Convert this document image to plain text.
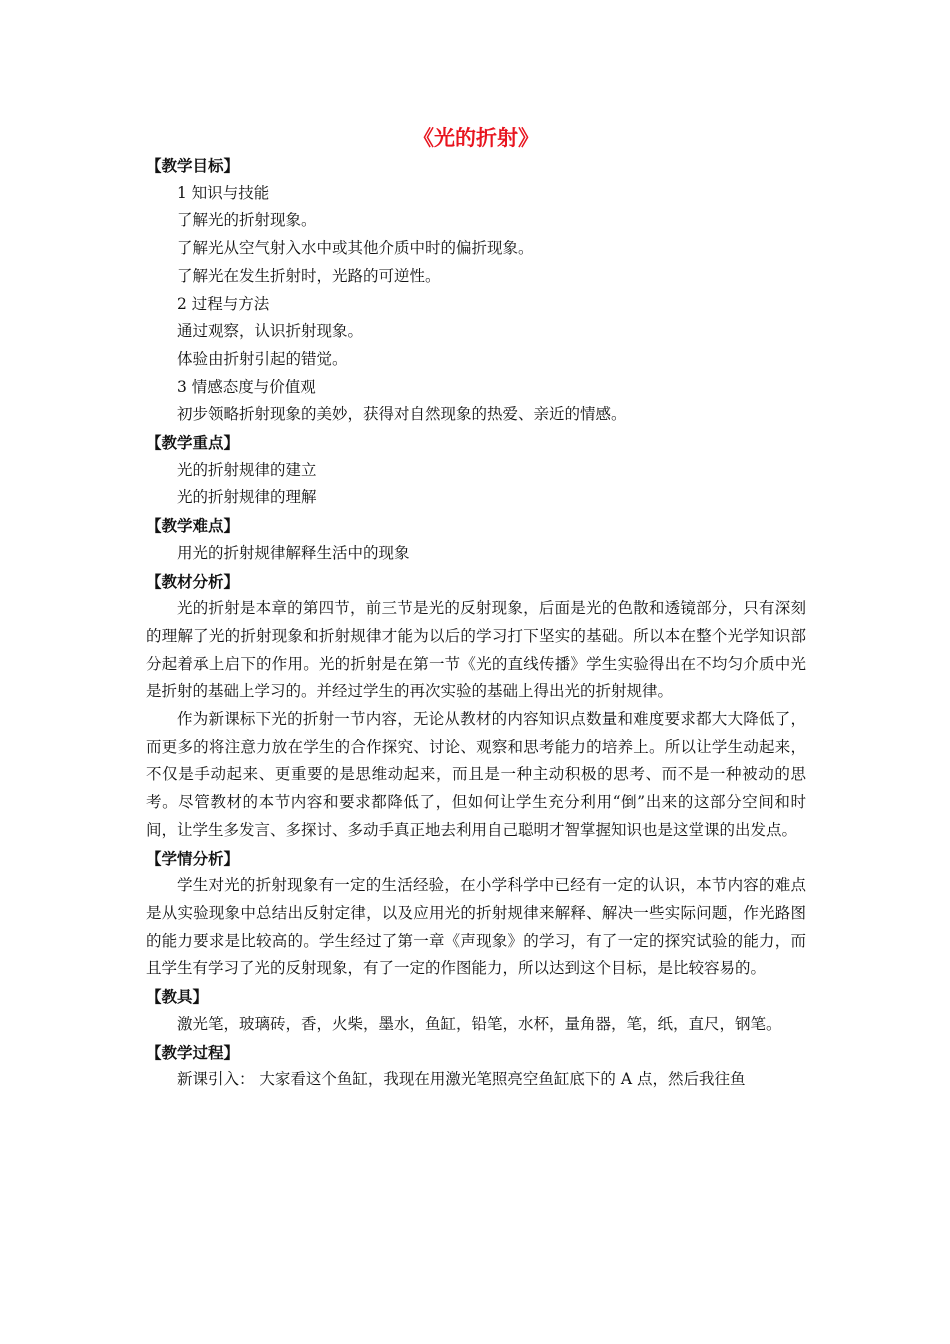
《光的折射》

【教学目标】

1 知识与技能

了解光的折射现象。

了解光从空气射入水中或其他介质中时的偏折现象。

了解光在发生折射时，光路的可逆性。

2 过程与方法

通过观察，认识折射现象。

体验由折射引起的错觉。

3 情感态度与价值观

初步领略折射现象的美妙，获得对自然现象的热爱、亲近的情感。

【教学重点】

光的折射规律的建立

光的折射规律的理解

【教学难点】

用光的折射规律解释生活中的现象

【教材分析】

光的折射是本章的第四节，前三节是光的反射现象，后面是光的色散和透镜部分，只有深刻的理解了光的折射现象和折射规律才能为以后的学习打下坚实的基础。所以本在整个光学知识部分起着承上启下的作用。光的折射是在第一节《光的直线传播》学生实验得出在不均匀介质中光是折射的基础上学习的。并经过学生的再次实验的基础上得出光的折射规律。

作为新课标下光的折射一节内容，无论从教材的内容知识点数量和难度要求都大大降低了，而更多的将注意力放在学生的合作探究、讨论、观察和思考能力的培养上。所以让学生动起来，不仅是手动起来、更重要的是思维动起来，而且是一种主动积极的思考、而不是一种被动的思考。尽管教材的本节内容和要求都降低了，但如何让学生充分利用“倒”出来的这部分空间和时间，让学生多发言、多探讨、多动手真正地去利用自己聪明才智掌握知识也是这堂课的出发点。

【学情分析】

学生对光的折射现象有一定的生活经验，在小学科学中已经有一定的认识，本节内容的难点是从实验现象中总结出反射定律，以及应用光的折射规律来解释、解决一些实际问题，作光路图的能力要求是比较高的。学生经过了第一章《声现象》的学习，有了一定的探究试验的能力，而且学生有学习了光的反射现象，有了一定的作图能力，所以达到这个目标，是比较容易的。

【教具】

激光笔，玻璃砖，香，火柴，墨水，鱼缸，铅笔，水杯，量角器，笔，纸，直尺，钢笔。

【教学过程】

新课引入： 大家看这个鱼缸，我现在用激光笔照亮空鱼缸底下的 A 点，然后我往鱼
